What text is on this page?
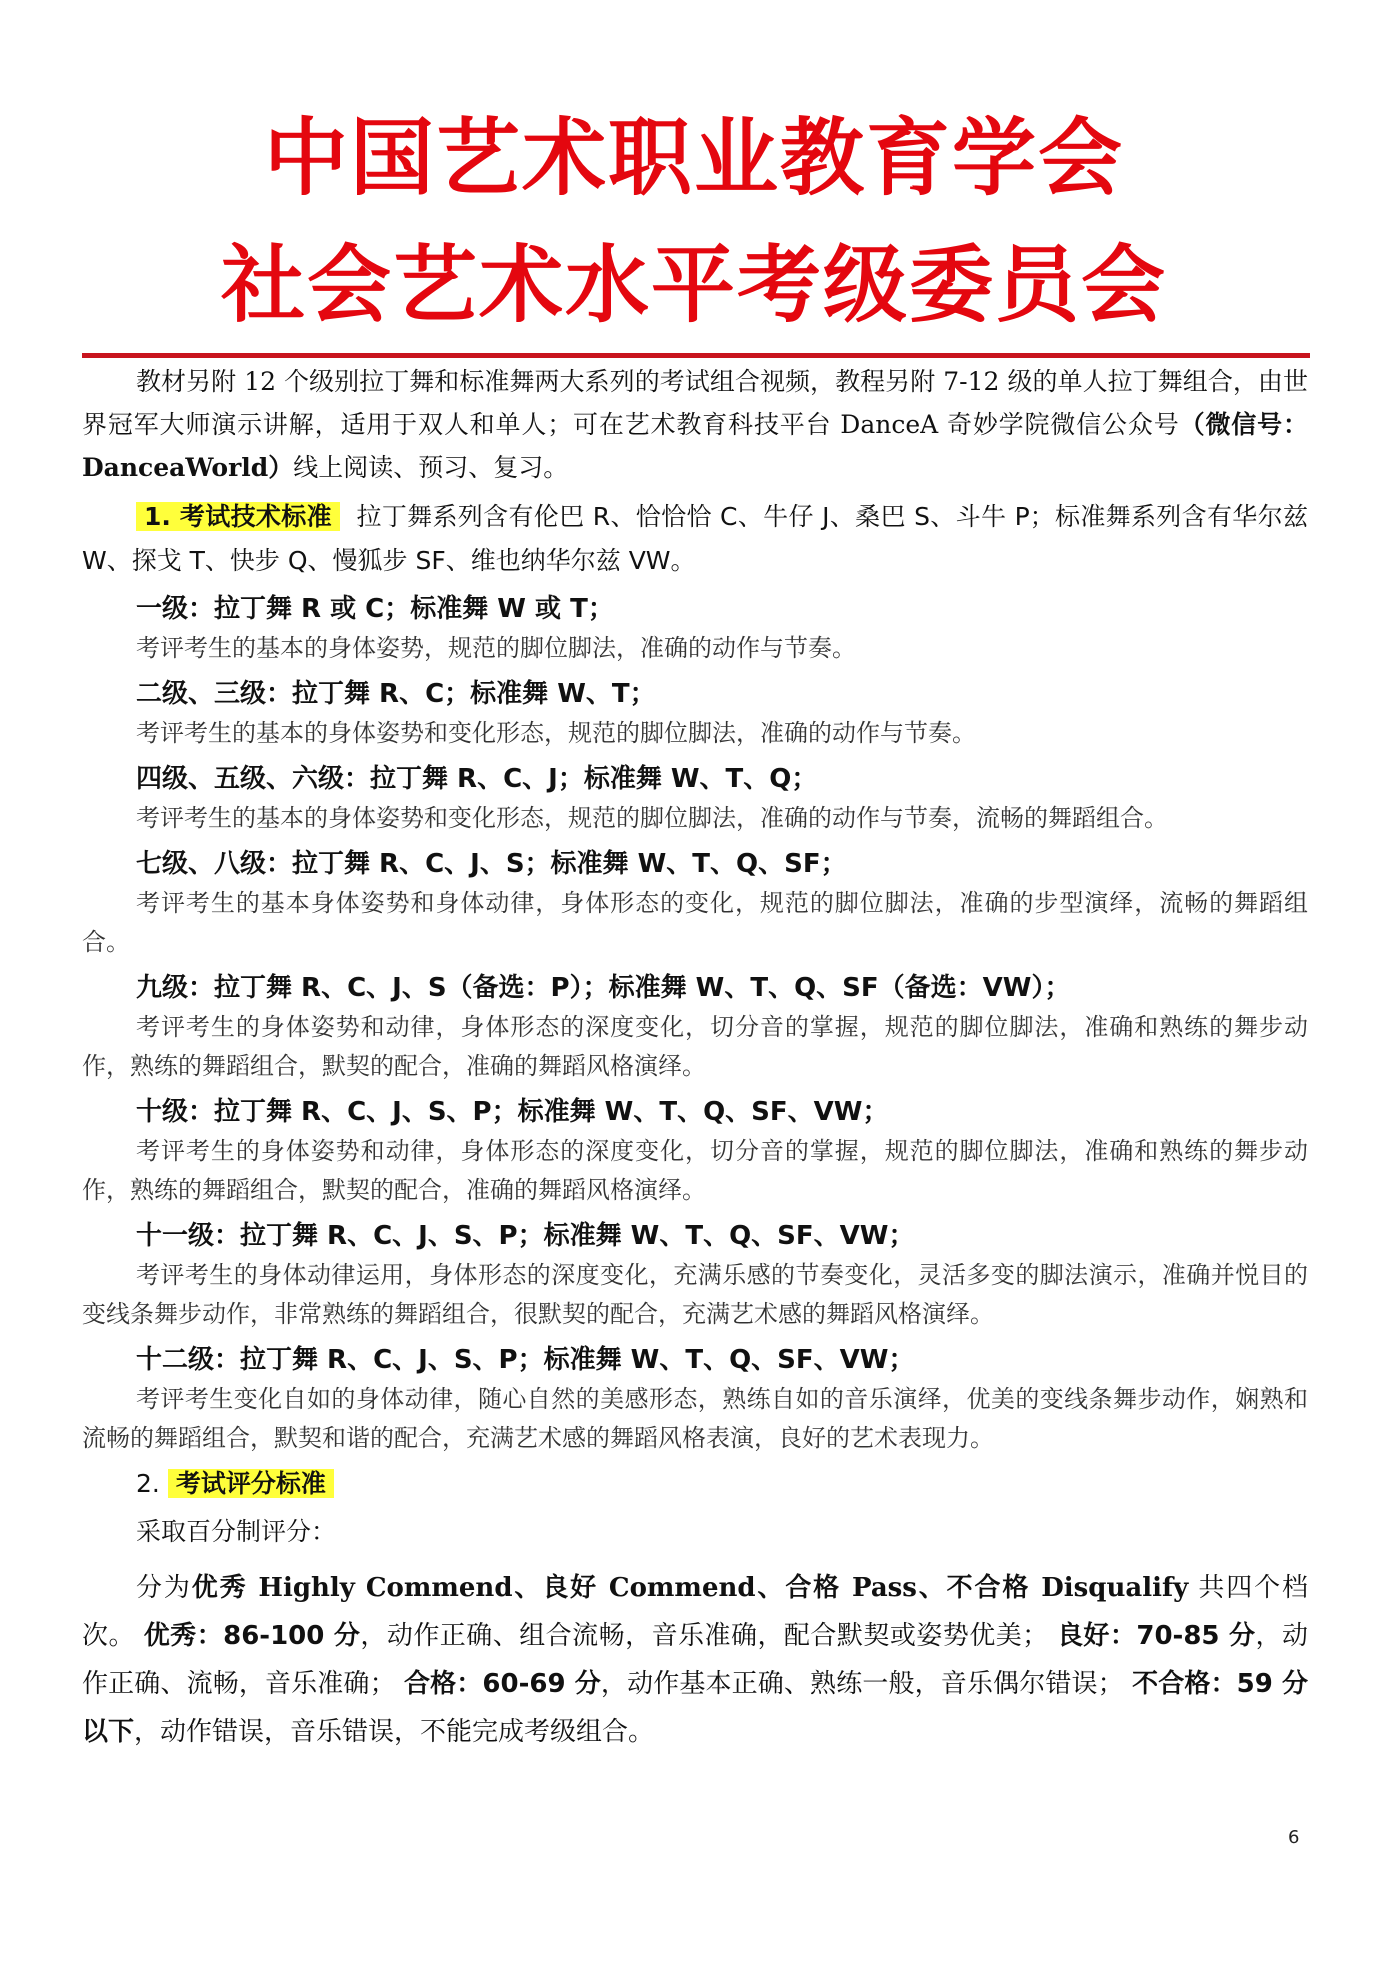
中国艺术职业教育学会
社会艺术水平考级委员会

教材另附 12 个级别拉丁舞和标准舞两大系列的考试组合视频，教程另附 7-12 级的单人拉丁舞组合，由世界冠军大师演示讲解，适用于双人和单人；可在艺术教育科技平台 DanceA 奇妙学院微信公众号（微信号：DanceaWorld）线上阅读、预习、复习。

1. 考试技术标准 拉丁舞系列含有伦巴 R、恰恰恰 C、牛仔 J、桑巴 S、斗牛 P；标准舞系列含有华尔兹 W、探戈 T、快步 Q、慢狐步 SF、维也纳华尔兹 VW。

一级：拉丁舞 R 或 C；标准舞 W 或 T；

考评考生的基本的身体姿势，规范的脚位脚法，准确的动作与节奏。

二级、三级：拉丁舞 R、C；标准舞 W、T；

考评考生的基本的身体姿势和变化形态，规范的脚位脚法，准确的动作与节奏。

四级、五级、六级：拉丁舞 R、C、J；标准舞 W、T、Q；

考评考生的基本的身体姿势和变化形态，规范的脚位脚法，准确的动作与节奏，流畅的舞蹈组合。

七级、八级：拉丁舞 R、C、J、S；标准舞 W、T、Q、SF；

考评考生的基本身体姿势和身体动律，身体形态的变化，规范的脚位脚法，准确的步型演绎，流畅的舞蹈组合。

九级：拉丁舞 R、C、J、S（备选：P）；标准舞 W、T、Q、SF（备选：VW）；

考评考生的身体姿势和动律，身体形态的深度变化，切分音的掌握，规范的脚位脚法，准确和熟练的舞步动作，熟练的舞蹈组合，默契的配合，准确的舞蹈风格演绎。

十级：拉丁舞 R、C、J、S、P；标准舞 W、T、Q、SF、VW；

考评考生的身体姿势和动律，身体形态的深度变化，切分音的掌握，规范的脚位脚法，准确和熟练的舞步动作，熟练的舞蹈组合，默契的配合，准确的舞蹈风格演绎。

十一级：拉丁舞 R、C、J、S、P；标准舞 W、T、Q、SF、VW；

考评考生的身体动律运用，身体形态的深度变化，充满乐感的节奏变化，灵活多变的脚法演示，准确并悦目的变线条舞步动作，非常熟练的舞蹈组合，很默契的配合，充满艺术感的舞蹈风格演绎。

十二级：拉丁舞 R、C、J、S、P；标准舞 W、T、Q、SF、VW；

考评考生变化自如的身体动律，随心自然的美感形态，熟练自如的音乐演绎，优美的变线条舞步动作，娴熟和流畅的舞蹈组合，默契和谐的配合，充满艺术感的舞蹈风格表演，良好的艺术表现力。

2. 考试评分标准

采取百分制评分：

分为优秀 Highly Commend、良好 Commend、合格 Pass、不合格 Disqualify 共四个档次。 优秀：86-100 分，动作正确、组合流畅，音乐准确，配合默契或姿势优美； 良好：70-85 分，动作正确、流畅，音乐准确； 合格：60-69 分，动作基本正确、熟练一般，音乐偶尔错误； 不合格：59 分以下，动作错误，音乐错误，不能完成考级组合。

6
